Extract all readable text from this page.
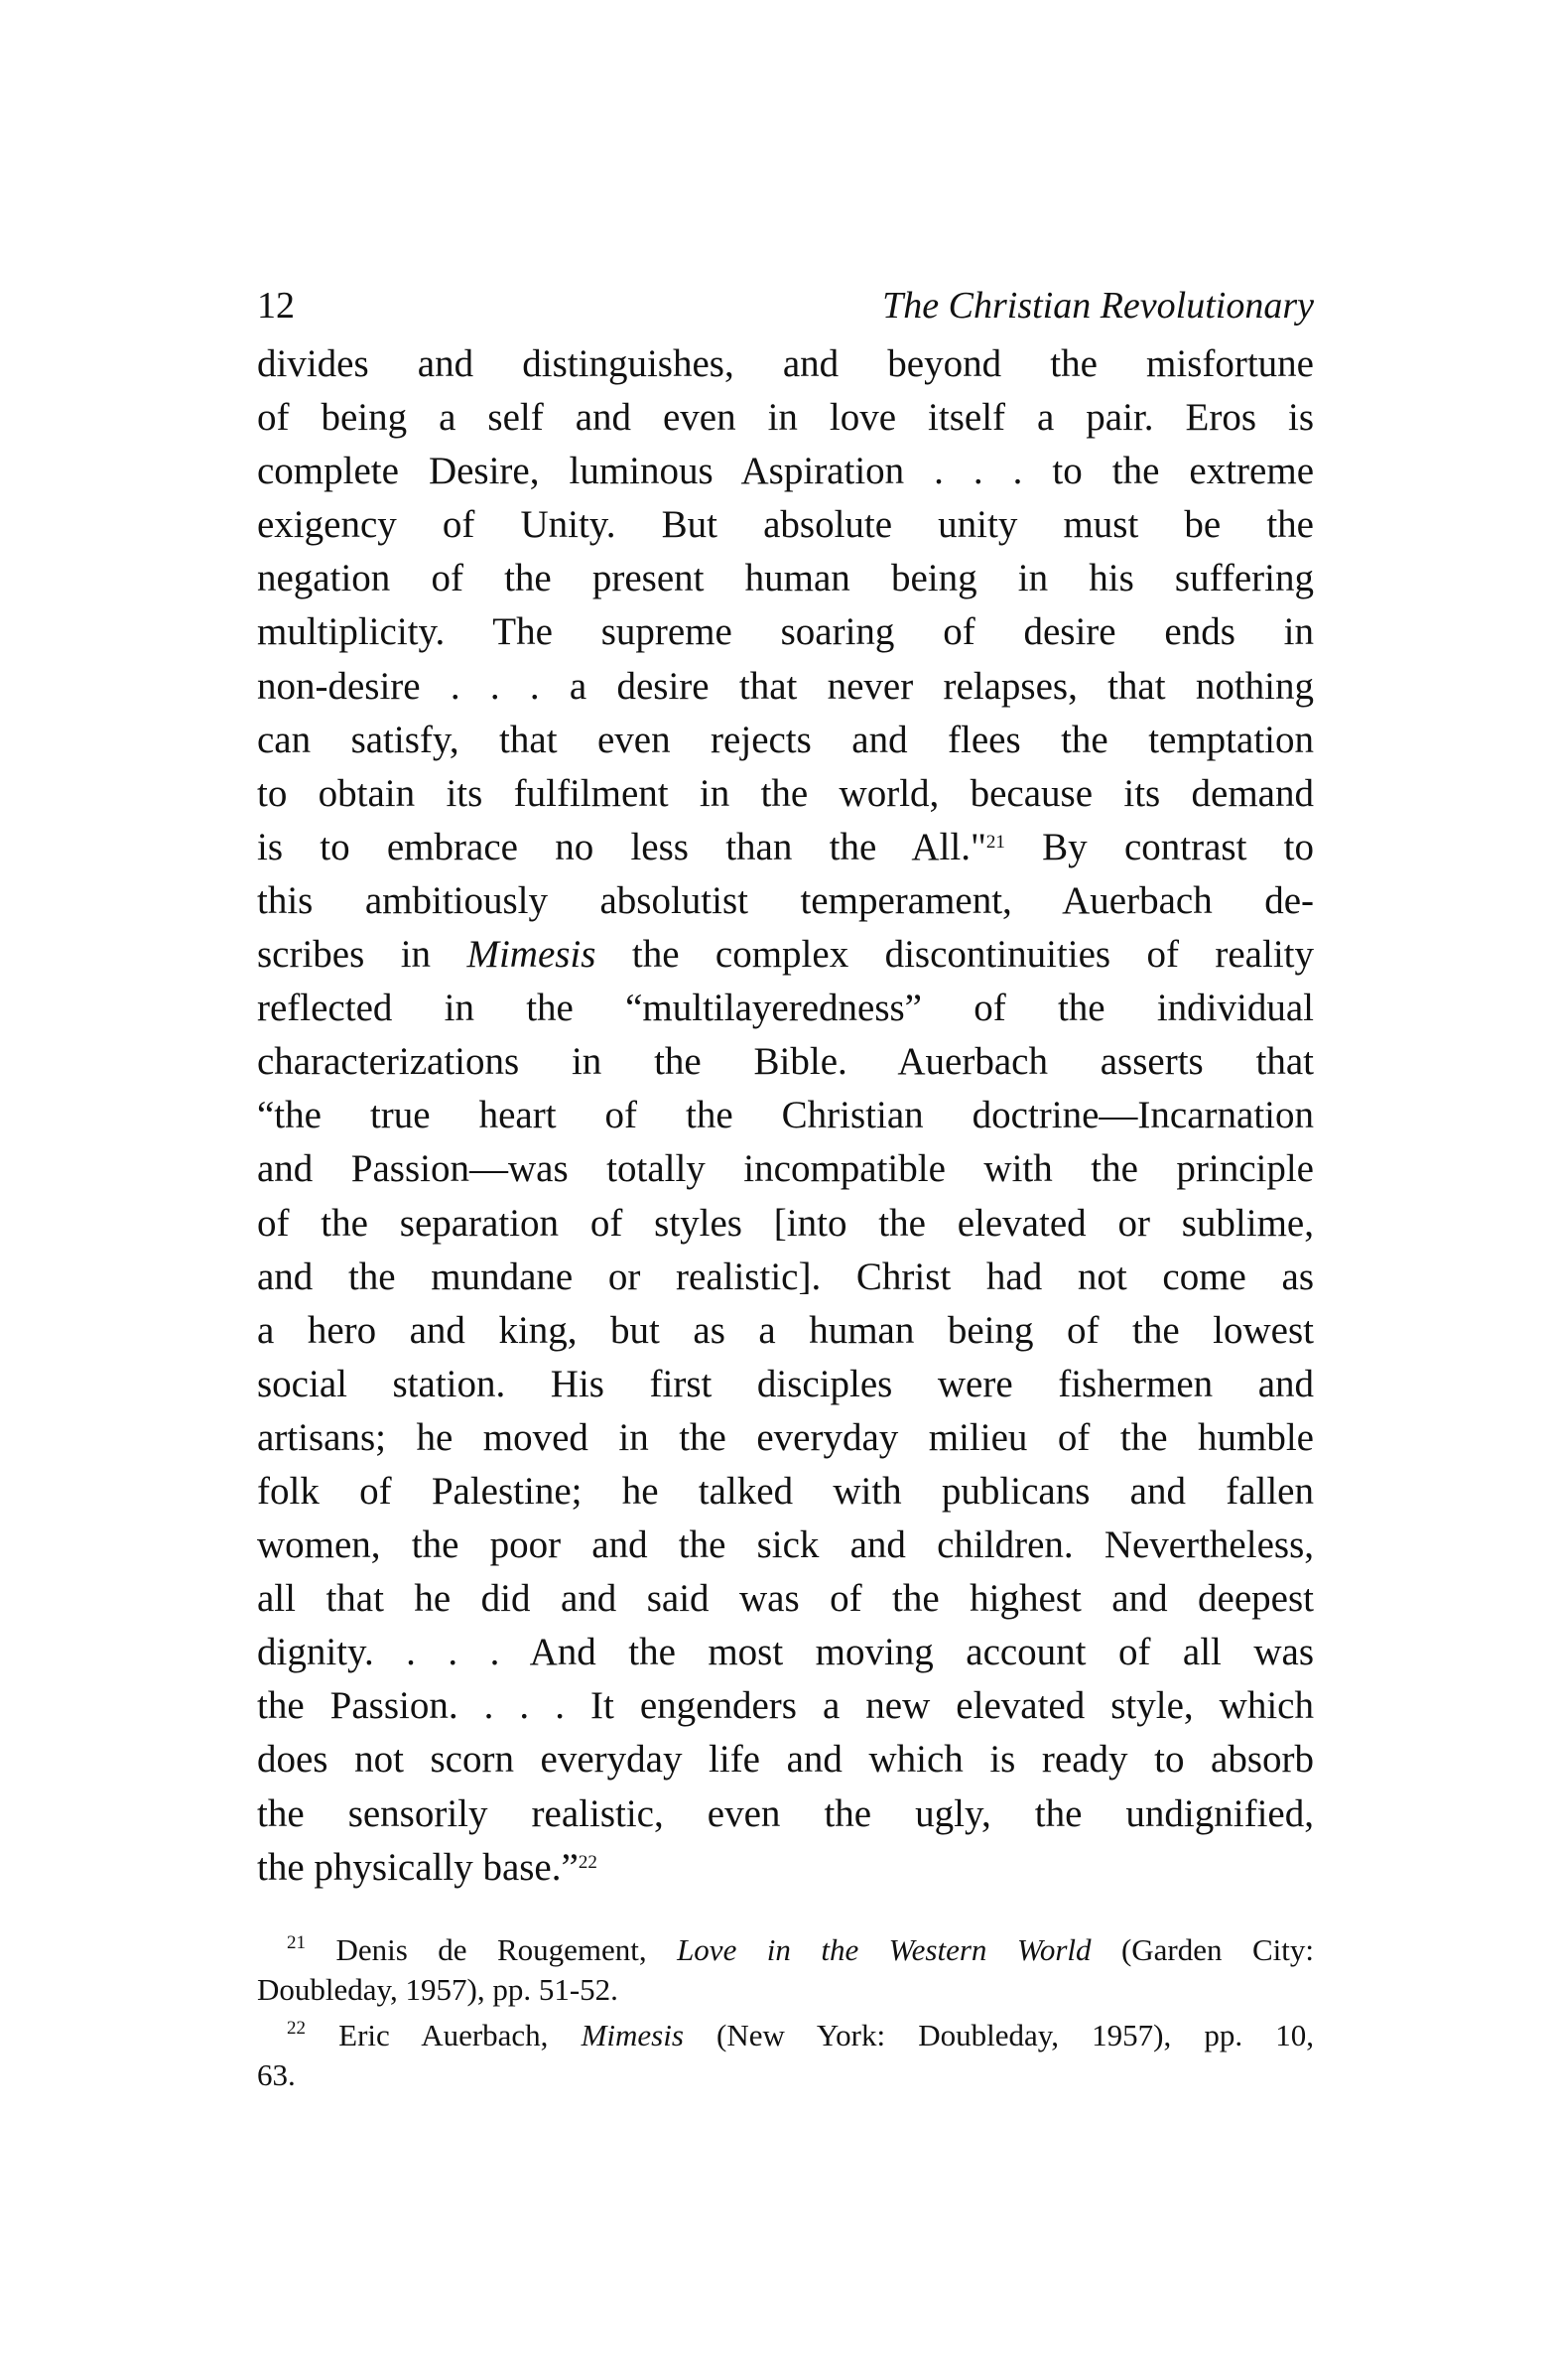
12	The Christian Revolutionary
divides and distinguishes, and beyond the misfortune
of being a self and even in love itself a pair. Eros is
complete Desire, luminous Aspiration . . . to the extreme
exigency of Unity. But absolute unity must be the
negation of the present human being in his suffering
multiplicity. The supreme soaring of desire ends in
non-desire . . . a desire that never relapses, that nothing
can satisfy, that even rejects and flees the temptation
to obtain its fulfilment in the world, because its demand
is to embrace no less than the All."$^{21}$ By contrast to
this ambitiously absolutist temperament, Auerbach de-
scribes in Mimesis the complex discontinuities of reality
reflected in the “multilayeredness” of the individual
characterizations in the Bible. Auerbach asserts that
“the true heart of the Christian doctrine—Incarnation
and Passion—was totally incompatible with the principle
of the separation of styles [into the elevated or sublime,
and the mundane or realistic]. Christ had not come as
a hero and king, but as a human being of the lowest
social station. His first disciples were fishermen and
artisans; he moved in the everyday milieu of the humble
folk of Palestine; he talked with publicans and fallen
women, the poor and the sick and children. Nevertheless,
all that he did and said was of the highest and deepest
dignity. . . . And the most moving account of all was
the Passion. . . . It engenders a new elevated style, which
does not scorn everyday life and which is ready to absorb
the sensorily realistic, even the ugly, the undignified,
the physically base.”$^{22}$
$^{21}$ Denis de Rougement, Love in the Western World (Garden City:
Doubleday, 1957), pp. 51-52.
$^{22}$ Eric Auerbach, Mimesis (New York: Doubleday, 1957), pp. 10,
63.
